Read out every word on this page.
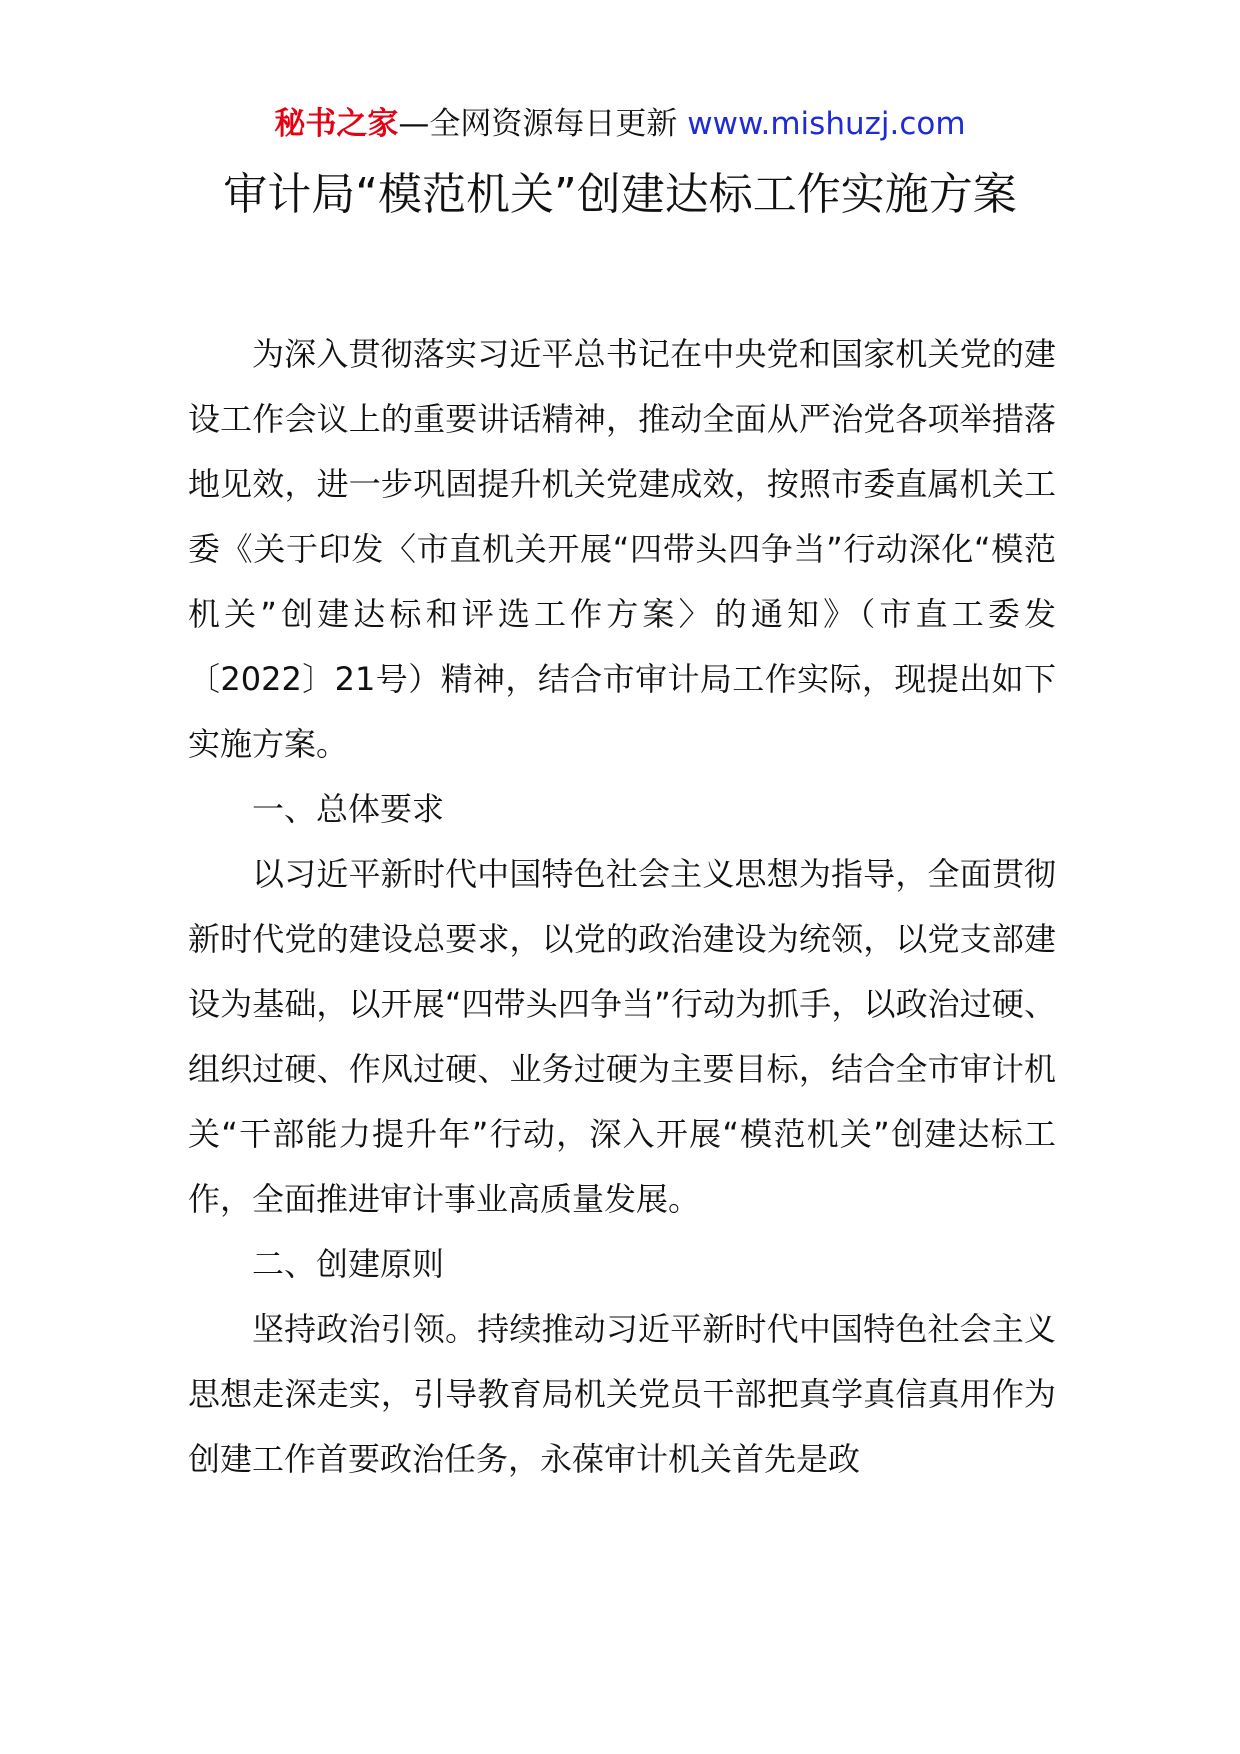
秘书之家—全网资源每日更新 www.mishuzj.com
审计局“模范机关”创建达标工作实施方案

为深入贯彻落实习近平总书记在中央党和国家机关党的建设工作会议上的重要讲话精神，推动全面从严治党各项举措落地见效，进一步巩固提升机关党建成效，按照市委直属机关工委《关于印发〈市直机关开展“四带头四争当”行动深化“模范机关”创建达标和评选工作方案〉的通知》（市直工委发〔2022〕21号）精神，结合市审计局工作实际，现提出如下实施方案。

一、总体要求

以习近平新时代中国特色社会主义思想为指导，全面贯彻新时代党的建设总要求，以党的政治建设为统领，以党支部建设为基础，以开展“四带头四争当”行动为抓手，以政治过硬、组织过硬、作风过硬、业务过硬为主要目标，结合全市审计机关“干部能力提升年”行动，深入开展“模范机关”创建达标工作，全面推进审计事业高质量发展。

二、创建原则

坚持政治引领。持续推动习近平新时代中国特色社会主义思想走深走实，引导教育局机关党员干部把真学真信真用作为创建工作首要政治任务，永葆审计机关首先是政
